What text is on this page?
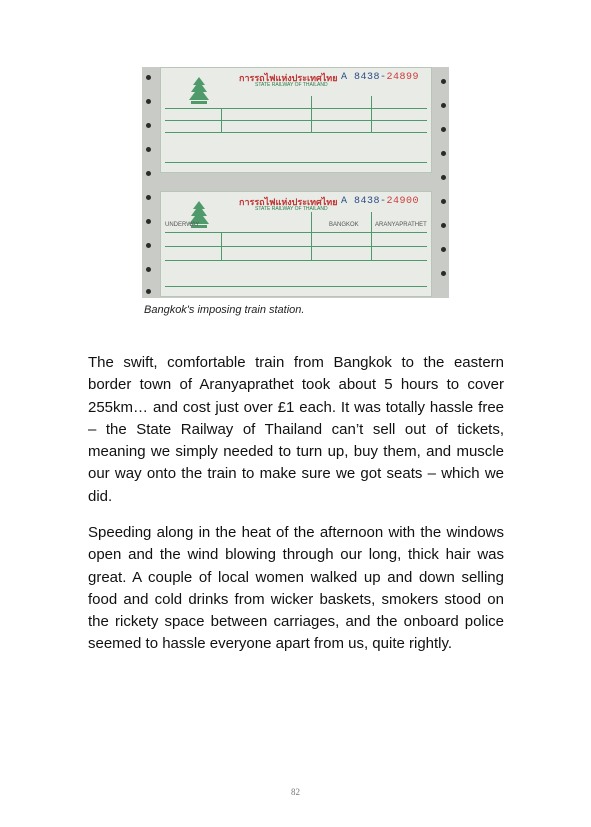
การรถไฟแห่งประเทศไทย
STATE RAILWAY OF THAILAND
A 8438-24899
การรถไฟแห่งประเทศไทย
STATE RAILWAY OF THAILAND
A 8438-24900
UNDERWAY	BANGKOK	ARANYAPRATHET
Bangkok's imposing train station.

The swift, comfortable train from Bangkok to the eastern border town of Aranyaprathet took about 5 hours to cover 255km… and cost just over £1 each. It was totally hassle free – the State Railway of Thailand can’t sell out of tickets, meaning we simply needed to turn up, buy them, and muscle our way onto the train to make sure we got seats – which we did.

Speeding along in the heat of the afternoon with the windows open and the wind blowing through our long, thick hair was great. A couple of local women walked up and down selling food and cold drinks from wicker baskets, smokers stood on the rickety space between carriages, and the onboard police seemed to hassle everyone apart from us, quite rightly.

82
